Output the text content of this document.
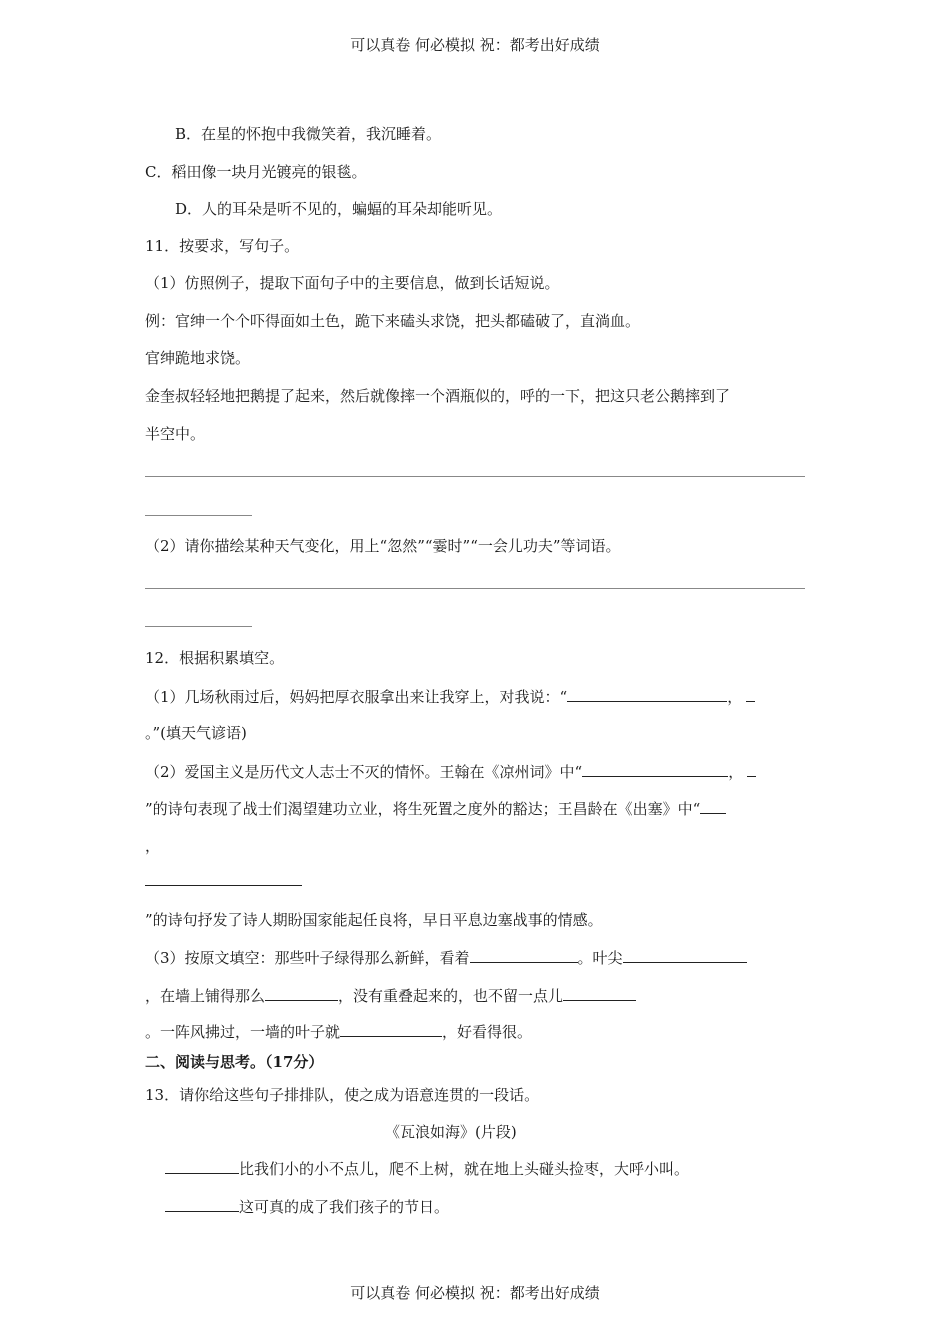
可以真卷 何必模拟 祝：都考出好成绩
B．在星的怀抱中我微笑着，我沉睡着。
C．稻田像一块月光镀亮的银毯。
D．人的耳朵是听不见的，蝙蝠的耳朵却能听见。
11．按要求，写句子。
（1）仿照例子，提取下面句子中的主要信息，做到长话短说。
例：官绅一个个吓得面如土色，跪下来磕头求饶，把头都磕破了，直淌血。
官绅跪地求饶。
金奎叔轻轻地把鹅提了起来，然后就像摔一个酒瓶似的，呼的一下，把这只老公鹅摔到了
半空中。
（2）请你描绘某种天气变化，用上“忽然”“霎时”“一会儿功夫”等词语。
12．根据积累填空。
（1）几场秋雨过后，妈妈把厚衣服拿出来让我穿上，对我说：“	，
。”(填天气谚语)
（2）爱国主义是历代文人志士不灭的情怀。王翰在《凉州词》中“	，
”的诗句表现了战士们渴望建功立业，将生死置之度外的豁达；王昌龄在《出塞》中“
，
”的诗句抒发了诗人期盼国家能起任良将，早日平息边塞战事的情感。
（3）按原文填空：那些叶子绿得那么新鲜，看着	。叶尖
，在墙上铺得那么	，没有重叠起来的，也不留一点儿
。一阵风拂过，一墙的叶子就	，好看得很。
二、阅读与思考。（17分）
13．请你给这些句子排排队，使之成为语意连贯的一段话。
《瓦浪如海》(片段)
比我们小的小不点儿，爬不上树，就在地上头碰头捡枣，大呼小叫。
这可真的成了我们孩子的节日。
可以真卷 何必模拟 祝：都考出好成绩
